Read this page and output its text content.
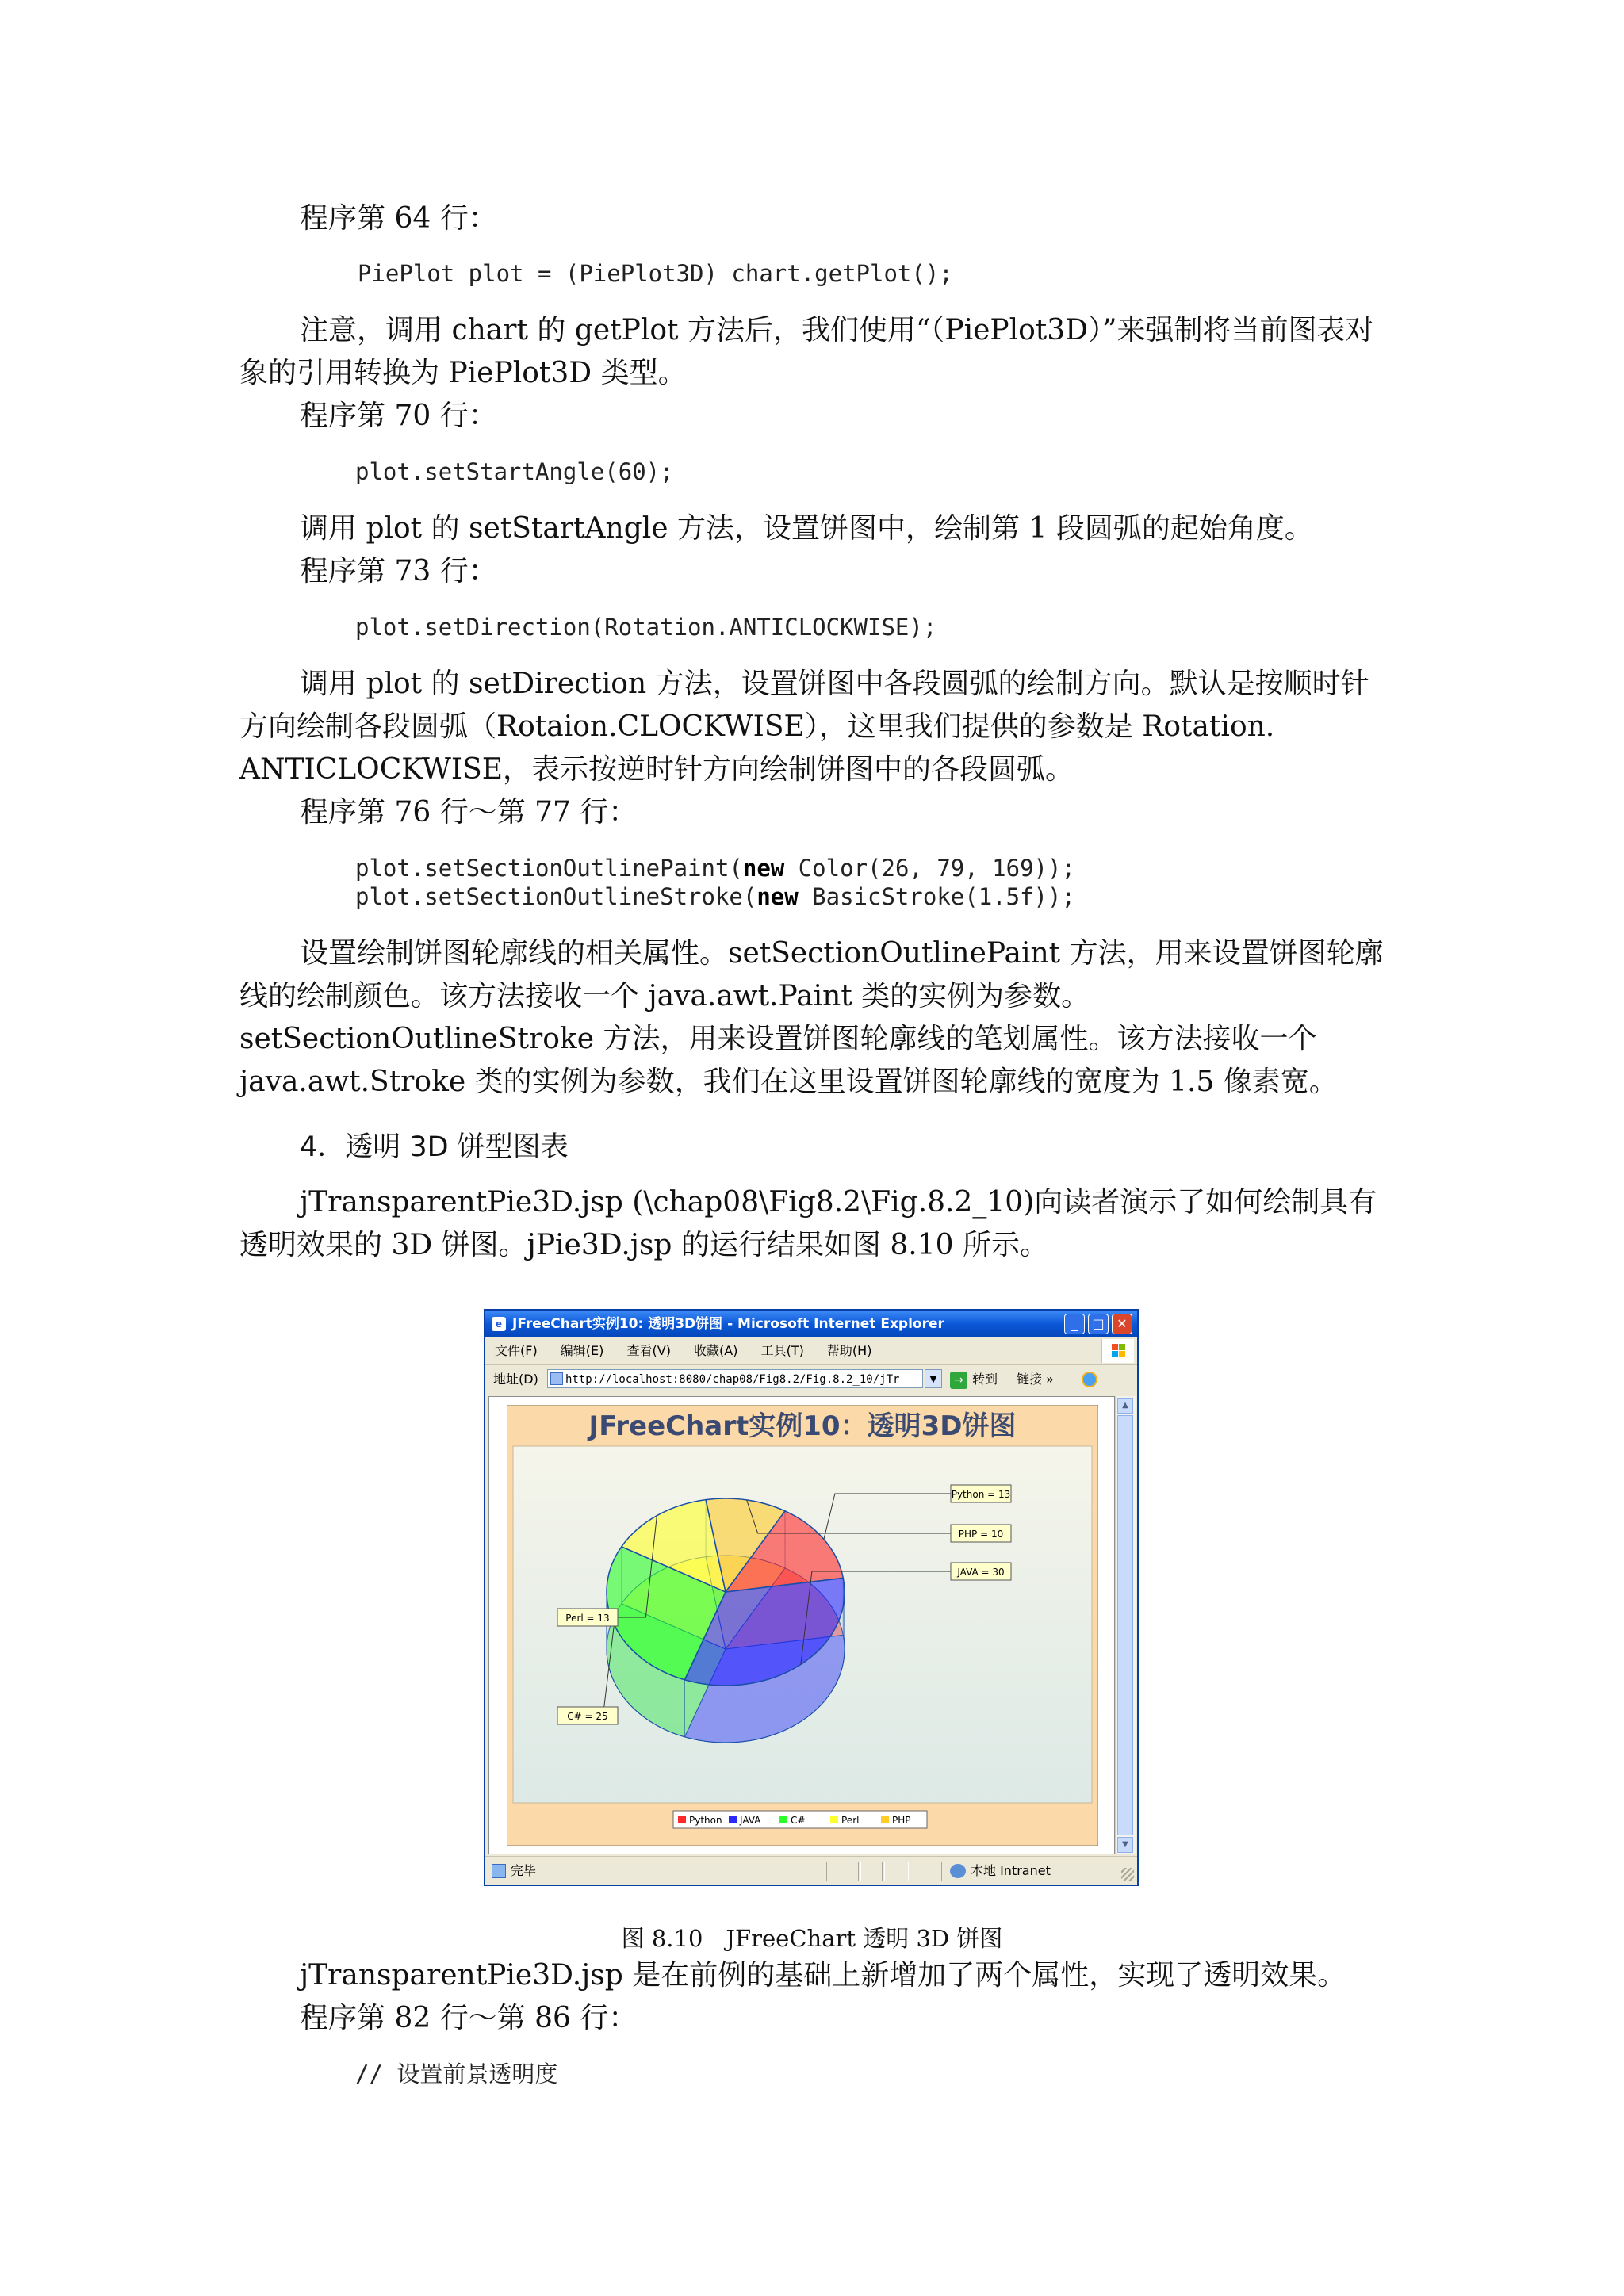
程序第 64 行：

PiePlot plot = (PiePlot3D) chart.getPlot();

注意，调用 chart 的 getPlot 方法后，我们使用“（PiePlot3D）”来强制将当前图表对象的引用转换为 PiePlot3D 类型。

程序第 70 行：

plot.setStartAngle(60);

调用 plot 的 setStartAngle 方法，设置饼图中，绘制第 1 段圆弧的起始角度。

程序第 73 行：

plot.setDirection(Rotation.ANTICLOCKWISE);

调用 plot 的 setDirection 方法，设置饼图中各段圆弧的绘制方向。默认是按顺时针方向绘制各段圆弧（Rotaion.CLOCKWISE），这里我们提供的参数是 Rotation. ANTICLOCKWISE，表示按逆时针方向绘制饼图中的各段圆弧。

程序第 76 行～第 77 行：

plot.setSectionOutlinePaint(new Color(26, 79, 169));
plot.setSectionOutlineStroke(new BasicStroke(1.5f));

设置绘制饼图轮廓线的相关属性。setSectionOutlinePaint 方法，用来设置饼图轮廓线的绘制颜色。该方法接收一个 java.awt.Paint 类的实例为参数。setSectionOutlineStroke 方法，用来设置饼图轮廓线的笔划属性。该方法接收一个 java.awt.Stroke 类的实例为参数，我们在这里设置饼图轮廓线的宽度为 1.5 像素宽。

4．透明 3D 饼型图表

jTransparentPie3D.jsp (\chap08\Fig8.2\Fig.8.2_10)向读者演示了如何绘制具有透明效果的 3D 饼图。jPie3D.jsp 的运行结果如图 8.10 所示。

e JFreeChart实例10: 透明3D饼图 - Microsoft Internet Explorer	_	□ ✕
文件(F) 编辑(E) 查看(V) 收藏(A) 工具(T) 帮助(H)
地址(D)	http://localhost:8080/chap08/Fig8.2/Fig.8.2_10/jTr	▼	→ 转到 链接 »
JFreeChart实例10：透明3D饼图
Python = 13
JAVA = 30
C# = 25
Perl = 13
PHP = 10
Python JAVA	C#	Perl	PHP
▲
▼
完毕	本地 Intranet

图 8.10　JFreeChart 透明 3D 饼图

jTransparentPie3D.jsp 是在前例的基础上新增加了两个属性，实现了透明效果。

程序第 82 行～第 86 行：

// 设置前景透明度
